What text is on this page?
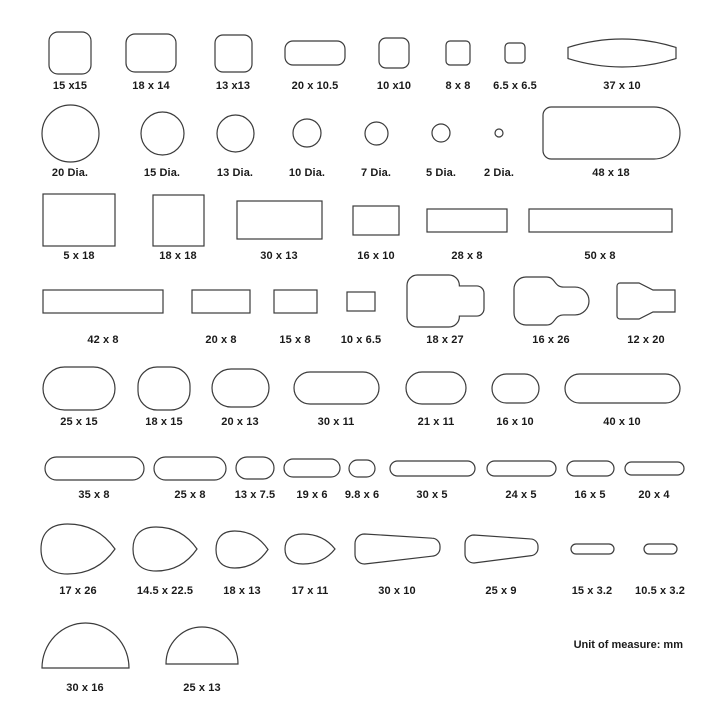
Unit of measure: mm
15 x15	18 x 14	13 x13	20 x 10.5	10 x10	8 x 8 6.5 x 6.5	37 x 10
20 Dia.	15 Dia.	13 Dia.	10 Dia.	7 Dia.	5 Dia.	2 Dia.	48 x 18
5 x 18	18 x 18	30 x 13	16 x 10	28 x 8	50 x 8
42 x 8	20 x 8	15 x 8	10 x 6.5	18 x 27	16 x 26	12 x 20
25 x 15	18 x 15	20 x 13	30 x 11	21 x 11	16 x 10	40 x 10
35 x 8	25 x 8	13 x 7.5 19 x 6 9.8 x 6	30 x 5	24 x 5	16 x 5	20 x 4
17 x 26	14.5 x 22.5	18 x 13	17 x 11	30 x 10	25 x 9	15 x 3.2 10.5 x 3.2
30 x 16	25 x 13
